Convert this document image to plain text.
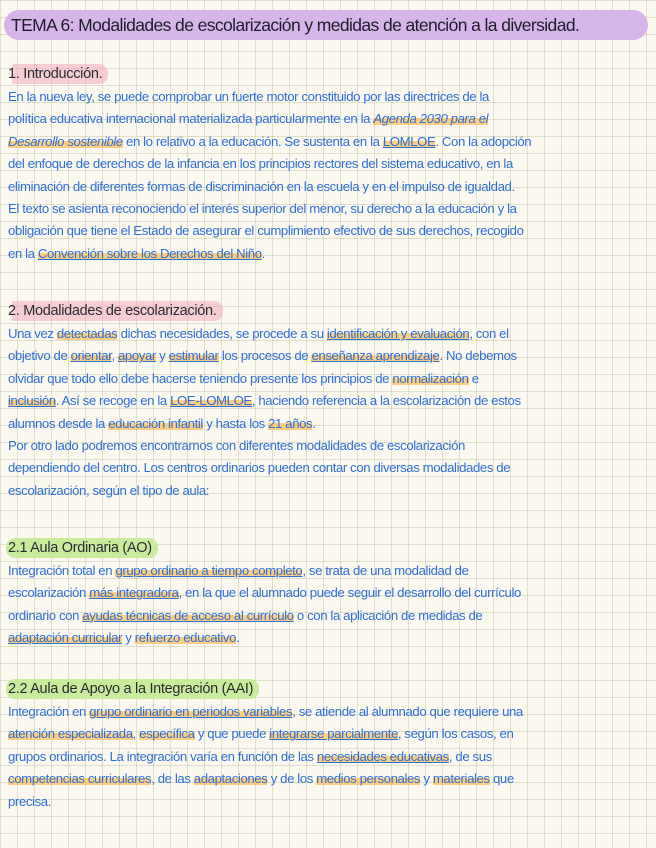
TEMA 6: Modalidades de escolarización y medidas de atención a la diversidad.
1. Introducción.
En la nueva ley, se puede comprobar un fuerte motor constituido por las directrices de la
política educativa internacional materializada particularmente en la Agenda 2030 para el
Desarrollo sostenible en lo relativo a la educación. Se sustenta en la LOMLOE. Con la adopción
del enfoque de derechos de la infancia en los principios rectores del sistema educativo, en la
eliminación de diferentes formas de discriminación en la escuela y en el impulso de igualdad.
El texto se asienta reconociendo el interés superior del menor, su derecho a la educación y la
obligación que tiene el Estado de asegurar el cumplimiento efectivo de sus derechos, recogido
en la Convención sobre los Derechos del Niño.
2. Modalidades de escolarización.
Una vez detectadas dichas necesidades, se procede a su identificación y evaluación, con el
objetivo de orientar, apoyar y estimular los procesos de enseñanza aprendizaje. No debemos
olvidar que todo ello debe hacerse teniendo presente los principios de normalización e
inclusión. Así se recoge en la LOE-LOMLOE, haciendo referencia a la escolarización de estos
alumnos desde la educación infantil y hasta los 21 años.
Por otro lado podremos encontrarnos con diferentes modalidades de escolarización
dependiendo del centro. Los centros ordinarios pueden contar con diversas modalidades de
escolarización, según el tipo de aula:
2.1 Aula Ordinaria (AO)
Integración total en grupo ordinario a tiempo completo, se trata de una modalidad de
escolarización más integradora, en la que el alumnado puede seguir el desarrollo del currículo
ordinario con ayudas técnicas de acceso al currículo o con la aplicación de medidas de
adaptación curricular y refuerzo educativo.
2.2 Aula de Apoyo a la Integración (AAI)
Integración en grupo ordinario en periodos variables, se atiende al alumnado que requiere una
atención especializada, específica y que puede integrarse parcialmente, según los casos, en
grupos ordinarios. La integración varía en función de las necesidades educativas, de sus
competencias curriculares, de las adaptaciones y de los medios personales y materiales que
precisa.
